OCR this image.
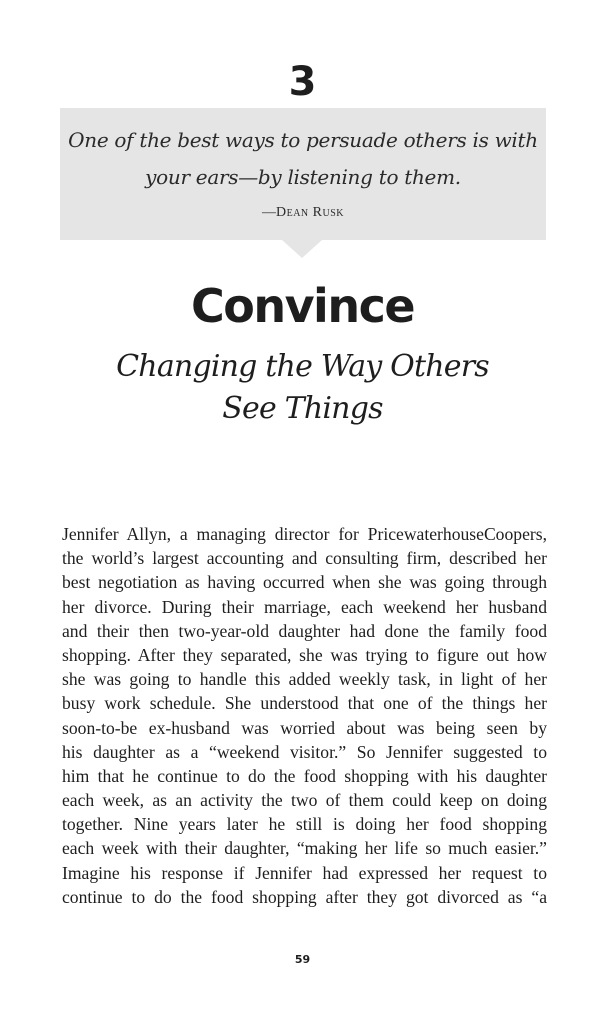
3
One of the best ways to persuade others is with
your ears—by listening to them.
—Dean Rusk
Convince
Changing the Way Others
See Things
Jennifer Allyn, a managing director for PricewaterhouseCoopers,
the world’s largest accounting and consulting firm, described her
best negotiation as having occurred when she was going through
her divorce. During their marriage, each weekend her husband
and their then two-year-old daughter had done the family food
shopping. After they separated, she was trying to figure out how
she was going to handle this added weekly task, in light of her
busy work schedule. She understood that one of the things her
soon-to-be ex-husband was worried about was being seen by
his daughter as a “weekend visitor.” So Jennifer suggested to
him that he continue to do the food shopping with his daughter
each week, as an activity the two of them could keep on doing
together. Nine years later he still is doing her food shopping
each week with their daughter, “making her life so much easier.”
Imagine his response if Jennifer had expressed her request to
continue to do the food shopping after they got divorced as “a
59
